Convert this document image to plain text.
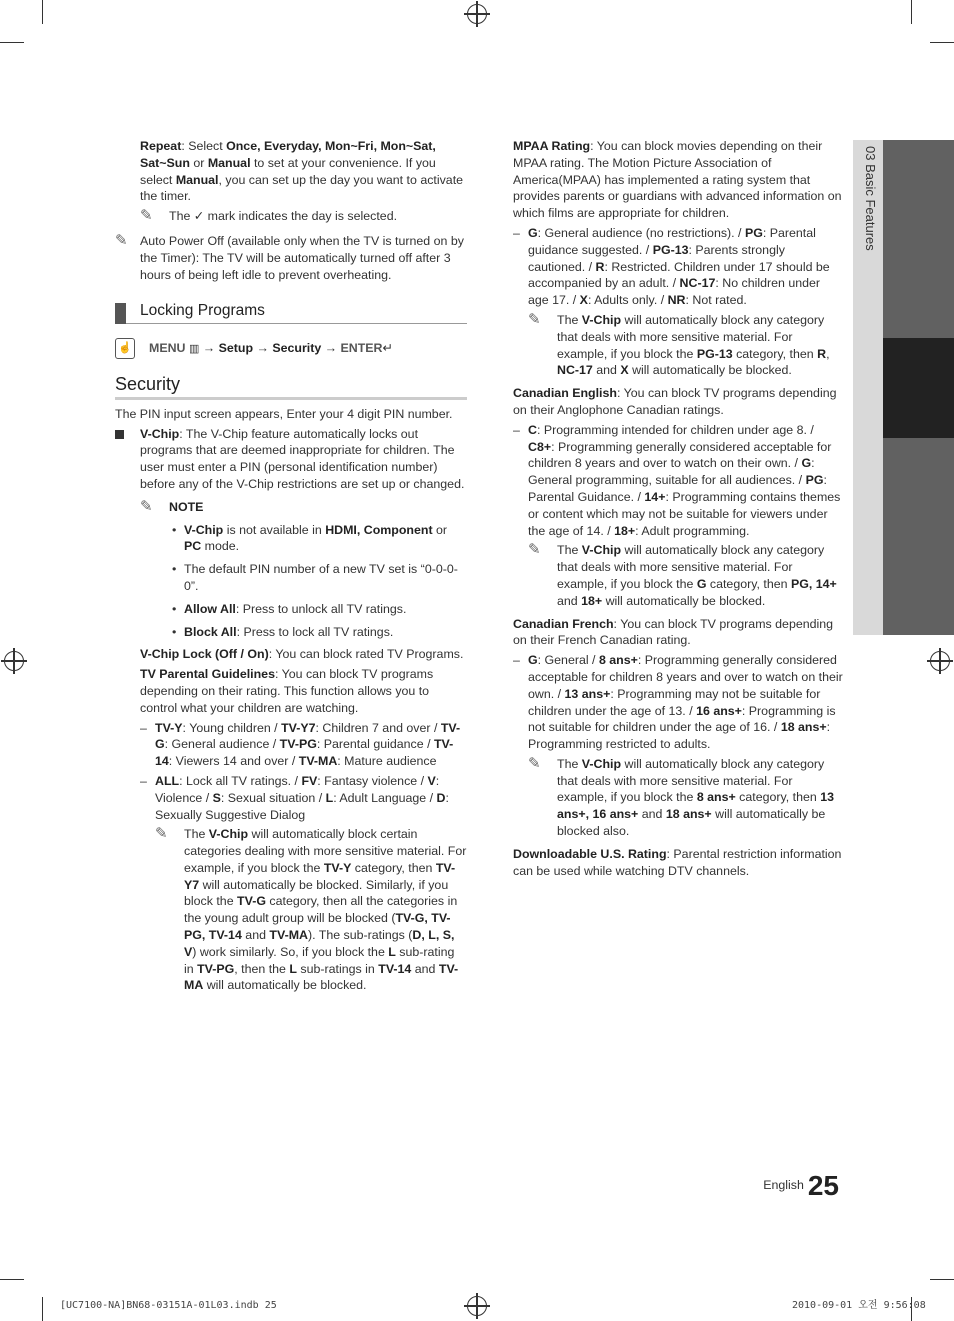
Repeat: Select Once, Everyday, Mon~Fri, Mon~Sat, Sat~Sun or Manual to set at your convenience. If you select Manual, you can set up the day you want to activate the timer.

✎ The ✓ mark indicates the day is selected.

✎ Auto Power Off (available only when the TV is turned on by the Timer): The TV will be automatically turned off after 3 hours of being left idle to prevent overheating.

Locking Programs
☝ MENU ▥ → Setup → Security → ENTER↵
Security

The PIN input screen appears, Enter your 4 digit PIN number.

V-Chip: The V-Chip feature automatically locks out programs that are deemed inappropriate for children. The user must enter a PIN (personal identification number) before any of the V-Chip restrictions are set up or changed.

✎ NOTE

• V-Chip is not available in HDMI, Component or PC mode.

• The default PIN number of a new TV set is “0-0-0-0”.

• Allow All: Press to unlock all TV ratings.

• Block All: Press to lock all TV ratings.

V-Chip Lock (Off / On): You can block rated TV Programs.

TV Parental Guidelines: You can block TV programs depending on their rating. This function allows you to control what your children are watching.

– TV-Y: Young children / TV-Y7: Children 7 and over / TV-G: General audience / TV-PG: Parental guidance / TV-14: Viewers 14 and over / TV-MA: Mature audience

– ALL: Lock all TV ratings. / FV: Fantasy violence / V: Violence / S: Sexual situation / L: Adult Language / D: Sexually Suggestive Dialog

✎ The V-Chip will automatically block certain categories dealing with more sensitive material. For example, if you block the TV-Y category, then TV-Y7 will automatically be blocked. Similarly, if you block the TV-G category, then all the categories in the young adult group will be blocked (TV-G, TV-PG, TV-14 and TV-MA). The sub-ratings (D, L, S, V) work similarly. So, if you block the L sub-rating in TV-PG, then the L sub-ratings in TV-14 and TV-MA will automatically be blocked.

MPAA Rating: You can block movies depending on their MPAA rating. The Motion Picture Association of America(MPAA) has implemented a rating system that provides parents or guardians with advanced information on which films are appropriate for children.

– G: General audience (no restrictions). / PG: Parental guidance suggested. / PG-13: Parents strongly cautioned. / R: Restricted. Children under 17 should be accompanied by an adult. / NC-17: No children under age 17. / X: Adults only. / NR: Not rated.

✎ The V-Chip will automatically block any category that deals with more sensitive material. For example, if you block the PG-13 category, then R, NC-17 and X will automatically be blocked.

Canadian English: You can block TV programs depending on their Anglophone Canadian ratings.

– C: Programming intended for children under age 8. / C8+: Programming generally considered acceptable for children 8 years and over to watch on their own. / G: General programming, suitable for all audiences. / PG: Parental Guidance. / 14+: Programming contains themes or content which may not be suitable for viewers under the age of 14. / 18+: Adult programming.

✎ The V-Chip will automatically block any category that deals with more sensitive material. For example, if you block the G category, then PG, 14+ and 18+ will automatically be blocked.

Canadian French: You can block TV programs depending on their French Canadian rating.

– G: General / 8 ans+: Programming generally considered acceptable for children 8 years and over to watch on their own. / 13 ans+: Programming may not be suitable for children under the age of 13. / 16 ans+: Programming is not suitable for children under the age of 16. / 18 ans+: Programming restricted to adults.

✎ The V-Chip will automatically block any category that deals with more sensitive material. For example, if you block the 8 ans+ category, then 13 ans+, 16 ans+ and 18 ans+ will automatically be blocked also.

Downloadable U.S. Rating: Parental restriction information can be used while watching DTV channels.

03 Basic Features
English 25
[UC7100-NA]BN68-03151A-01L03.indb 25	2010-09-01 오전 9:56:08
